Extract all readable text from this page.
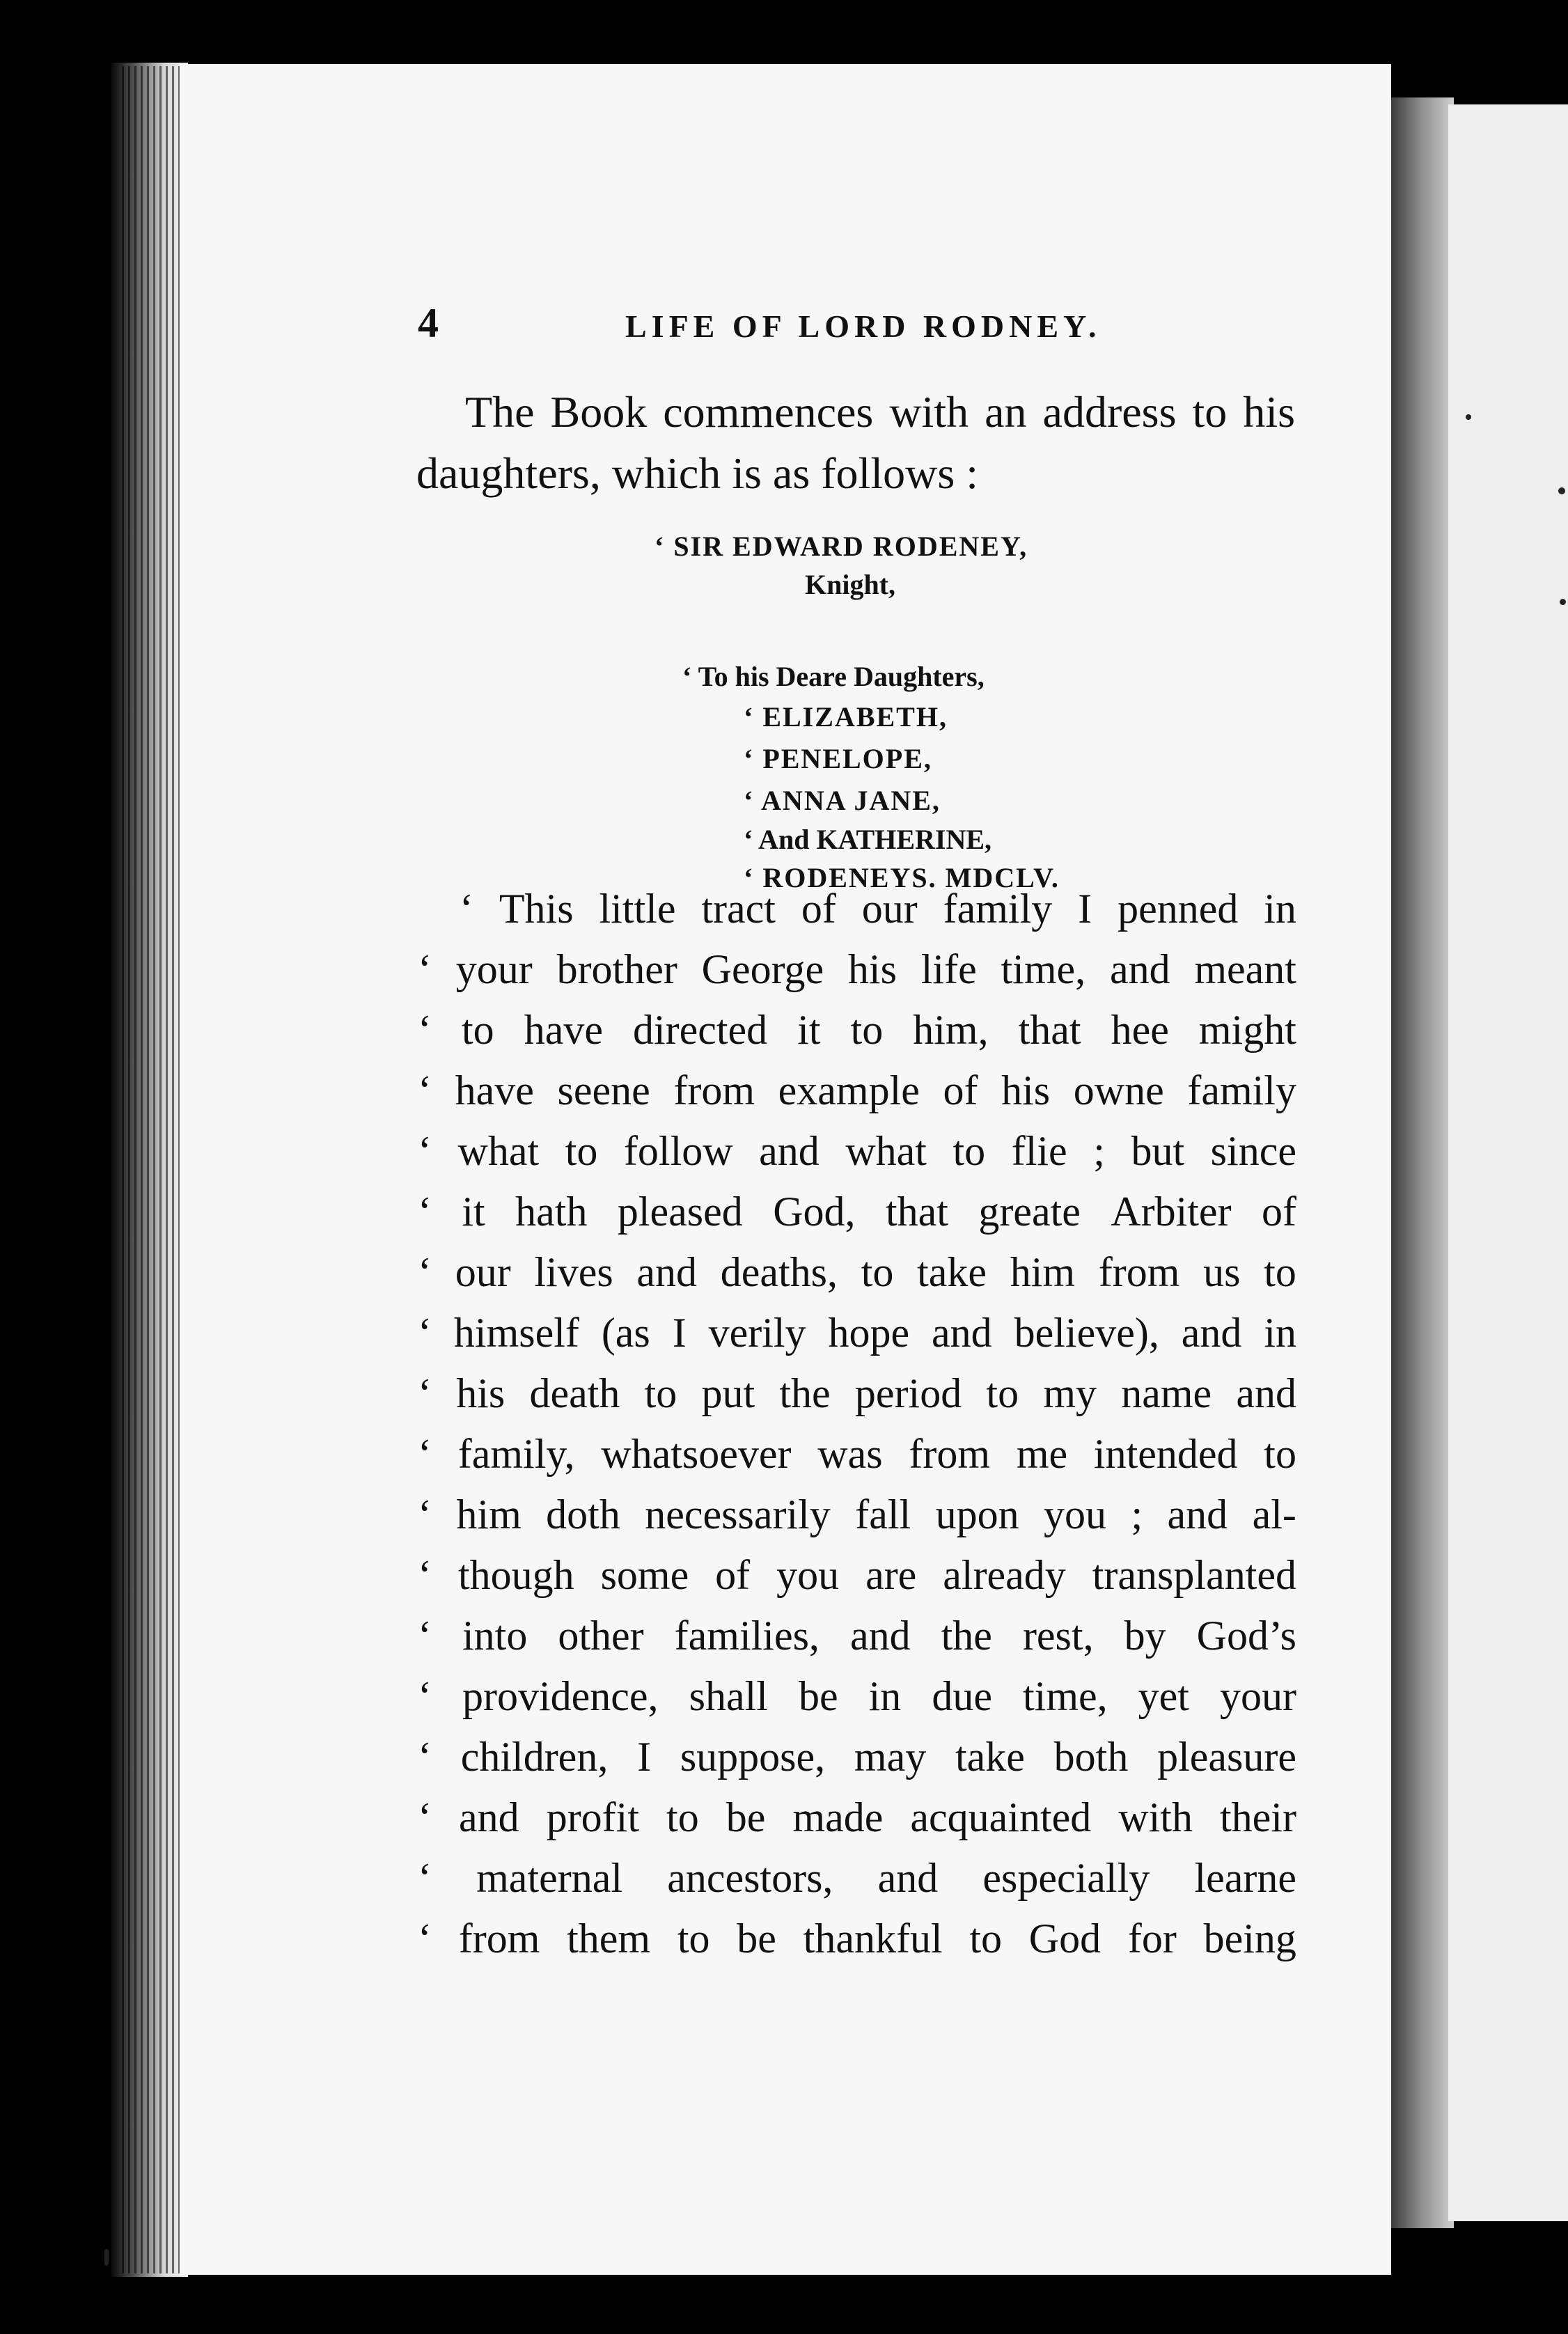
4	LIFE OF LORD RODNEY.
The Book commences with an address to his daughters, which is as follows :
‘ SIR EDWARD RODENEY,
Knight,
‘ To his Deare Daughters,
‘ ELIZABETH,
‘ PENELOPE,
‘ ANNA JANE,
‘ And KATHERINE,
‘ RODENEYS. MDCLV.
‘ This little tract of our family I penned in
‘ your brother George his life time, and meant
‘ to have directed it to him, that hee might
‘ have seene from example of his owne family
‘ what to follow and what to flie ; but since
‘ it hath pleased God, that greate Arbiter of
‘ our lives and deaths, to take him from us to
‘ himself (as I verily hope and believe), and in
‘ his death to put the period to my name and
‘ family, whatsoever was from me intended to
‘ him doth necessarily fall upon you ; and al-
‘ though some of you are already transplanted
‘ into other families, and the rest, by God’s
‘ providence, shall be in due time, yet your
‘ children, I suppose, may take both pleasure
‘ and profit to be made acquainted with their
‘ maternal ancestors, and especially learne
‘ from them to be thankful to God for being
